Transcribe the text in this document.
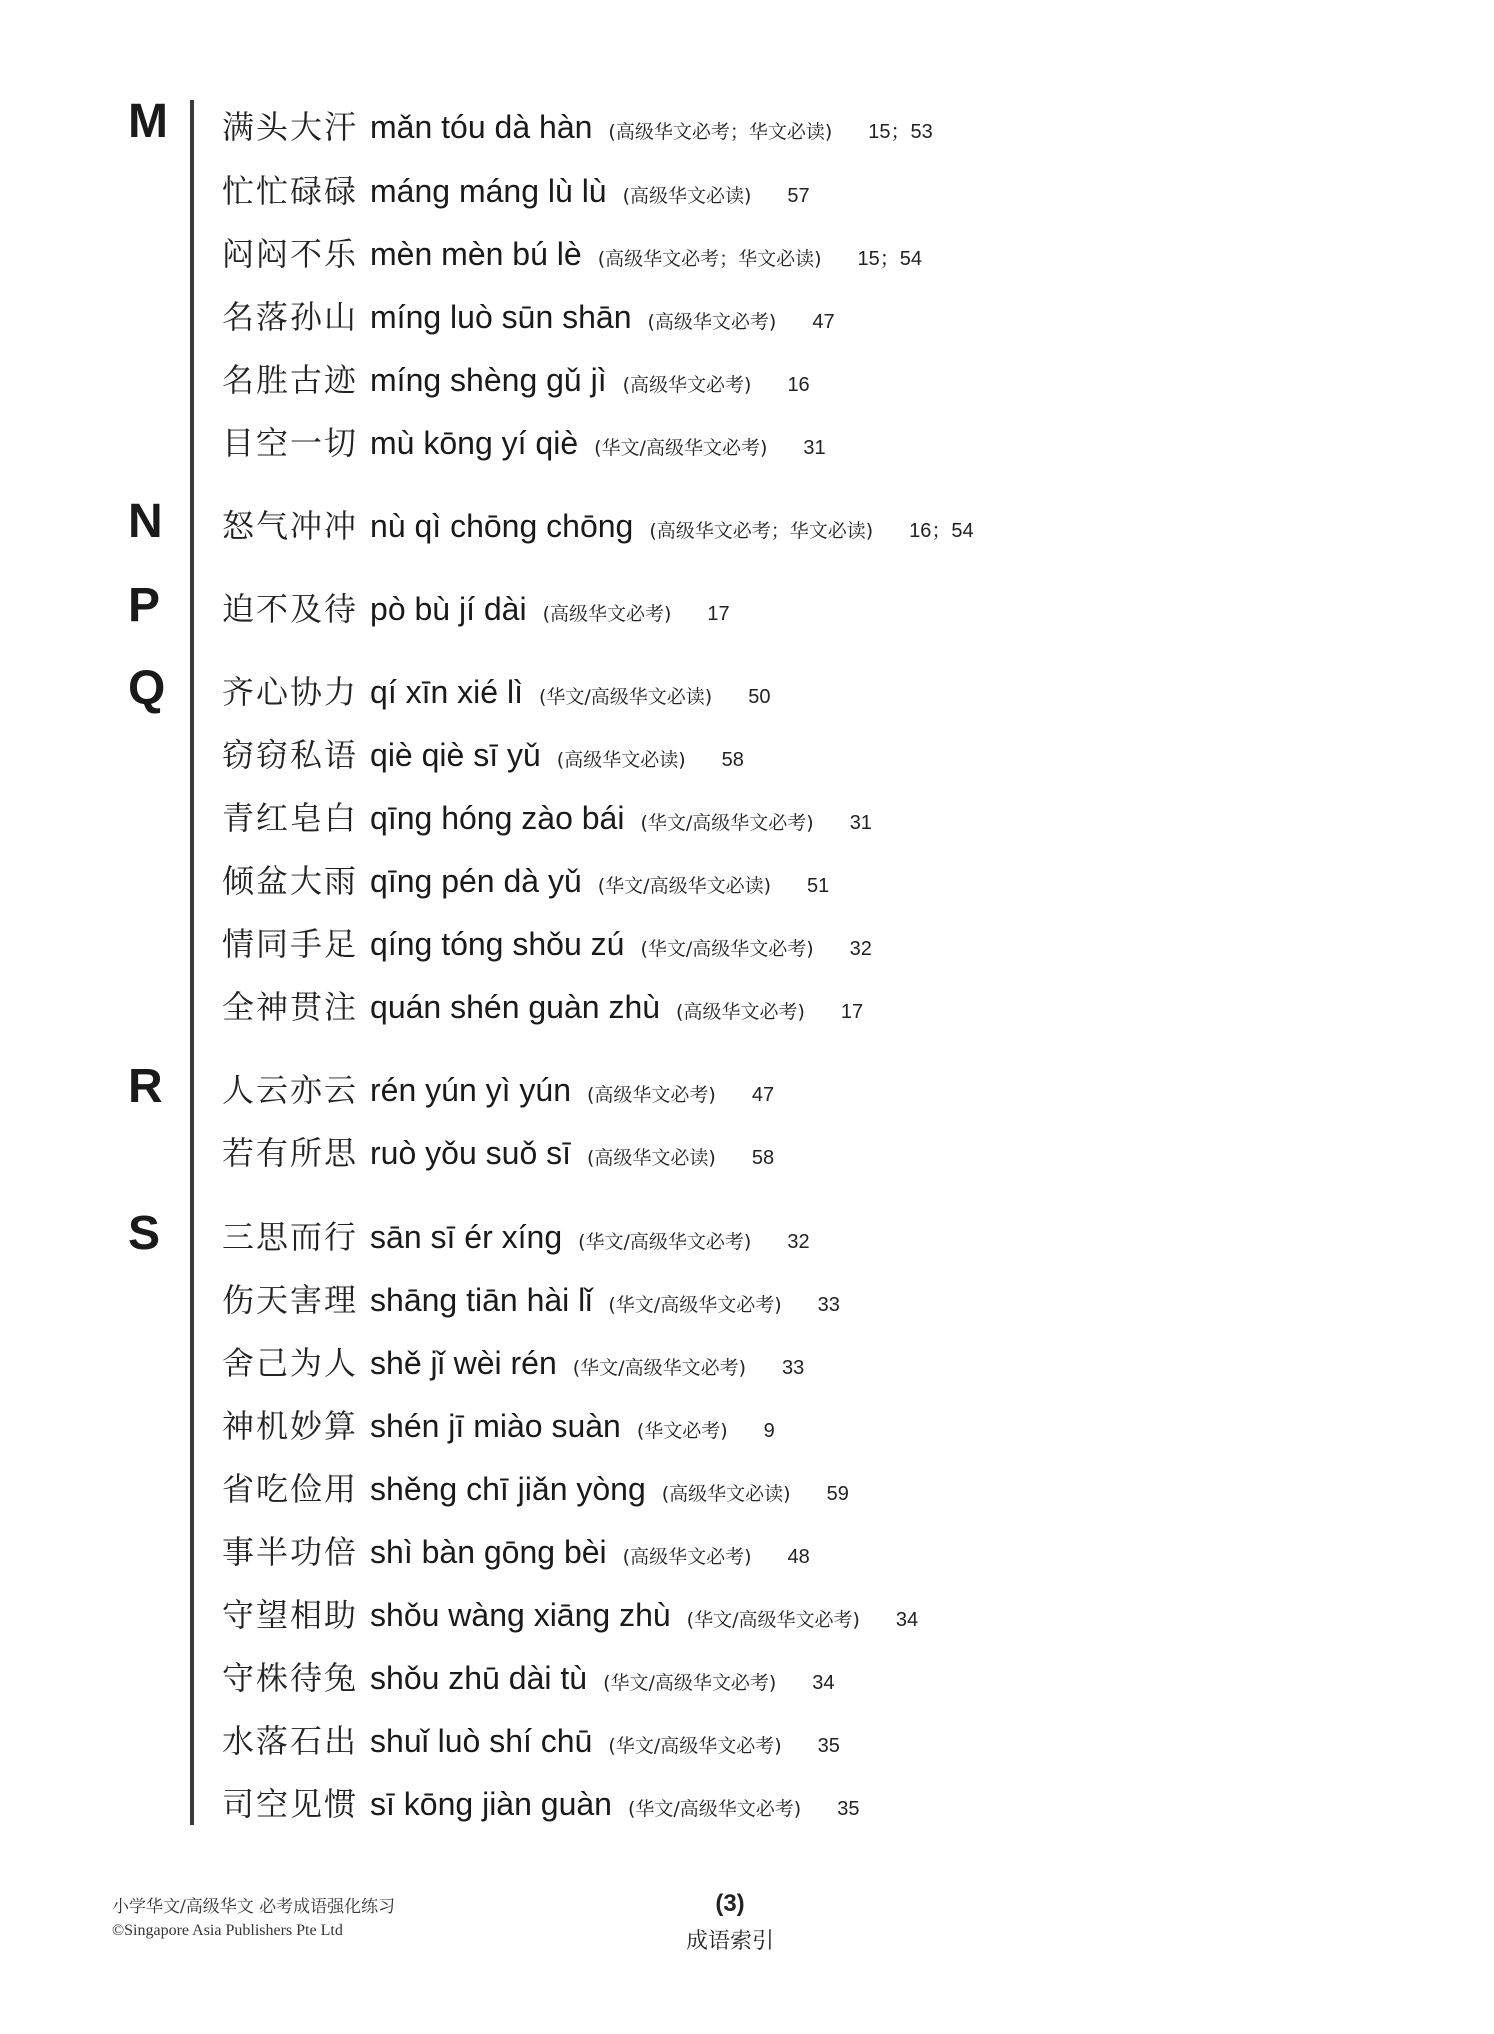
M	满头大汗 mǎn tóu dà hàn (高级华文必考；华文必读) 15；53
忙忙碌碌 máng máng lù lù (高级华文必读) 57
闷闷不乐 mèn mèn bú lè (高级华文必考；华文必读) 15；54
名落孙山 míng luò sūn shān (高级华文必考) 47
名胜古迹 míng shèng gǔ jì (高级华文必考) 16
目空一切 mù kōng yí qiè (华文/高级华文必考) 31
N	怒气冲冲 nù qì chōng chōng (高级华文必考；华文必读) 16；54
P	迫不及待 pò bù jí dài (高级华文必考) 17
Q	齐心协力 qí xīn xié lì (华文/高级华文必读) 50
窃窃私语 qiè qiè sī yǔ (高级华文必读) 58
青红皂白 qīng hóng zào bái (华文/高级华文必考) 31
倾盆大雨 qīng pén dà yǔ (华文/高级华文必读) 51
情同手足 qíng tóng shǒu zú (华文/高级华文必考) 32
全神贯注 quán shén guàn zhù (高级华文必考) 17
R	人云亦云 rén yún yì yún (高级华文必考) 47
若有所思 ruò yǒu suǒ sī (高级华文必读) 58
S	三思而行 sān sī ér xíng (华文/高级华文必考) 32
伤天害理 shāng tiān hài lǐ (华文/高级华文必考) 33
舍己为人 shě jǐ wèi rén (华文/高级华文必考) 33
神机妙算 shén jī miào suàn (华文必考) 9
省吃俭用 shěng chī jiǎn yòng (高级华文必读) 59
事半功倍 shì bàn gōng bèi (高级华文必考) 48
守望相助 shǒu wàng xiāng zhù (华文/高级华文必考) 34
守株待兔 shǒu zhū dài tù (华文/高级华文必考) 34
水落石出 shuǐ luò shí chū (华文/高级华文必考) 35
司空见惯 sī kōng jiàn guàn (华文/高级华文必考) 35
小学华文/高级华文 必考成语强化练习
©Singapore Asia Publishers Pte Ltd
(3)
成语索引
